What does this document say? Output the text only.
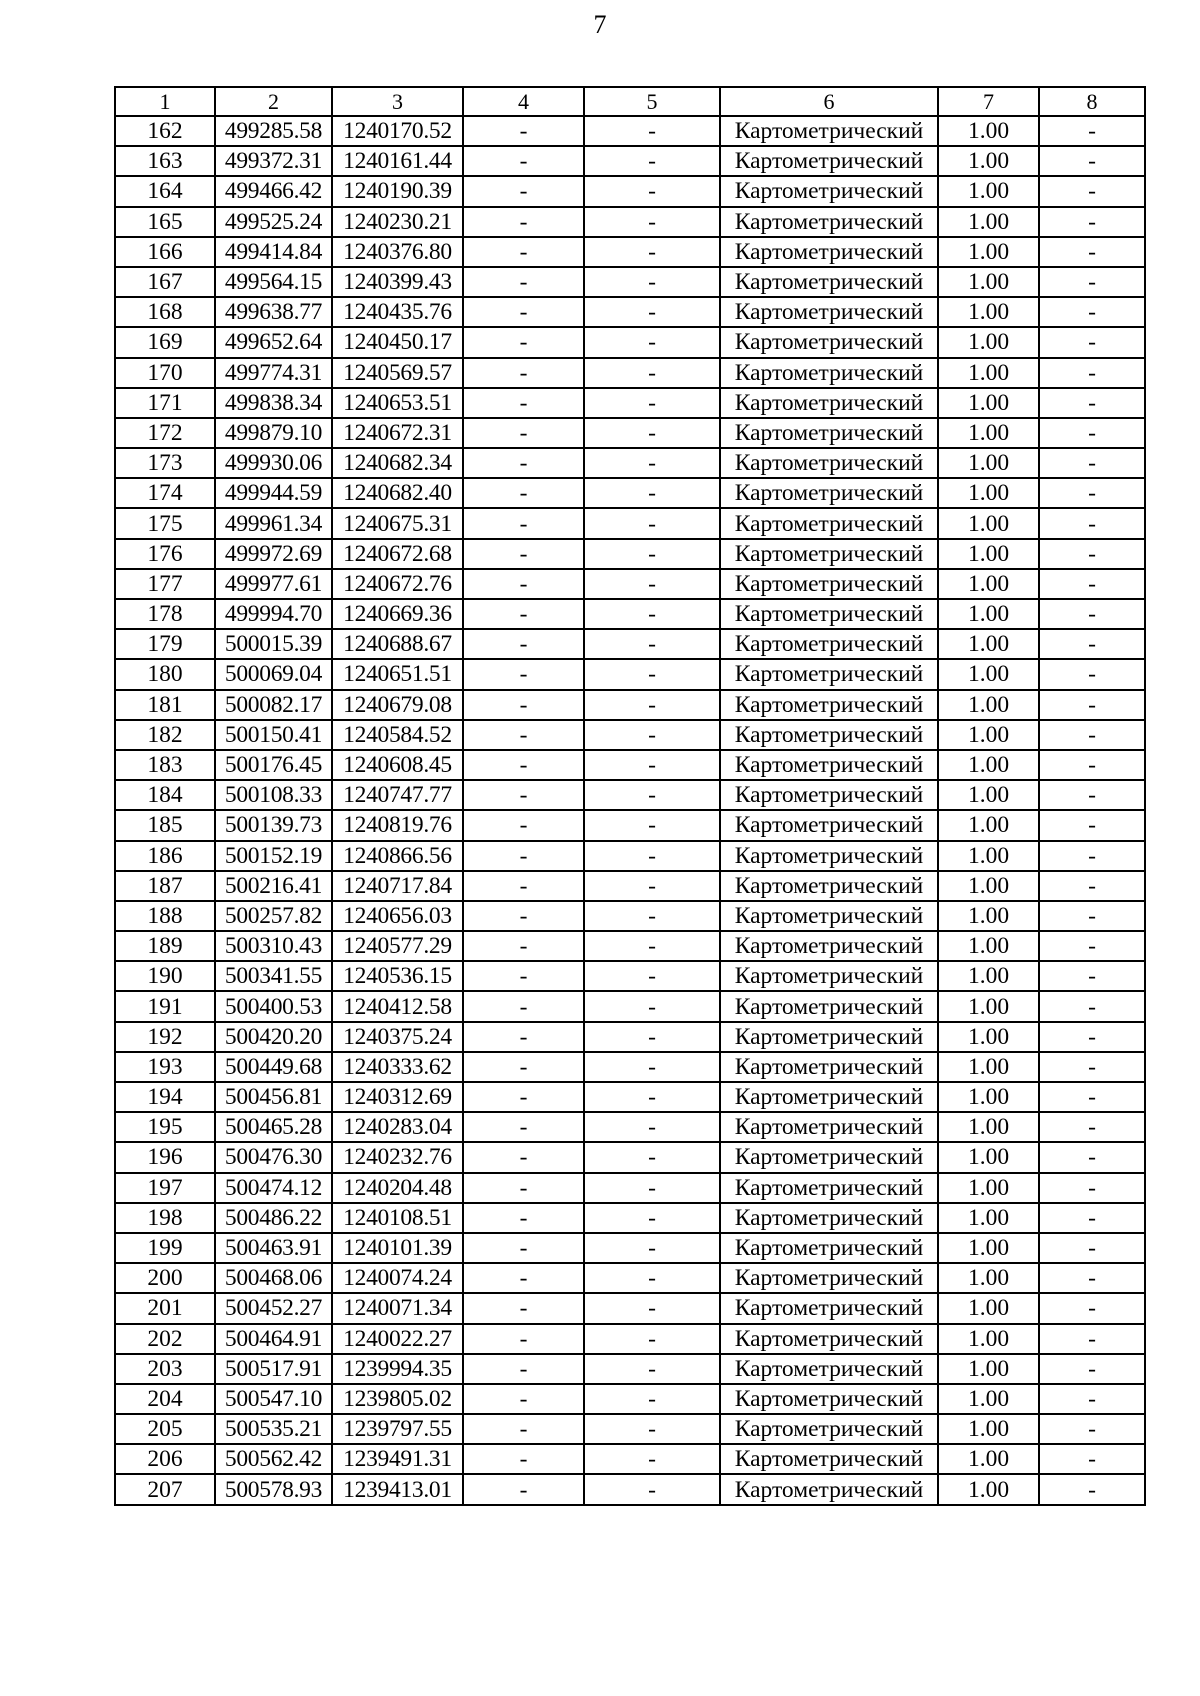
7
1	2	3	4	5	6	7	8
162	499285.58	1240170.52	-	-	Картометрический	1.00	-
163	499372.31	1240161.44	-	-	Картометрический	1.00	-
164	499466.42	1240190.39	-	-	Картометрический	1.00	-
165	499525.24	1240230.21	-	-	Картометрический	1.00	-
166	499414.84	1240376.80	-	-	Картометрический	1.00	-
167	499564.15	1240399.43	-	-	Картометрический	1.00	-
168	499638.77	1240435.76	-	-	Картометрический	1.00	-
169	499652.64	1240450.17	-	-	Картометрический	1.00	-
170	499774.31	1240569.57	-	-	Картометрический	1.00	-
171	499838.34	1240653.51	-	-	Картометрический	1.00	-
172	499879.10	1240672.31	-	-	Картометрический	1.00	-
173	499930.06	1240682.34	-	-	Картометрический	1.00	-
174	499944.59	1240682.40	-	-	Картометрический	1.00	-
175	499961.34	1240675.31	-	-	Картометрический	1.00	-
176	499972.69	1240672.68	-	-	Картометрический	1.00	-
177	499977.61	1240672.76	-	-	Картометрический	1.00	-
178	499994.70	1240669.36	-	-	Картометрический	1.00	-
179	500015.39	1240688.67	-	-	Картометрический	1.00	-
180	500069.04	1240651.51	-	-	Картометрический	1.00	-
181	500082.17	1240679.08	-	-	Картометрический	1.00	-
182	500150.41	1240584.52	-	-	Картометрический	1.00	-
183	500176.45	1240608.45	-	-	Картометрический	1.00	-
184	500108.33	1240747.77	-	-	Картометрический	1.00	-
185	500139.73	1240819.76	-	-	Картометрический	1.00	-
186	500152.19	1240866.56	-	-	Картометрический	1.00	-
187	500216.41	1240717.84	-	-	Картометрический	1.00	-
188	500257.82	1240656.03	-	-	Картометрический	1.00	-
189	500310.43	1240577.29	-	-	Картометрический	1.00	-
190	500341.55	1240536.15	-	-	Картометрический	1.00	-
191	500400.53	1240412.58	-	-	Картометрический	1.00	-
192	500420.20	1240375.24	-	-	Картометрический	1.00	-
193	500449.68	1240333.62	-	-	Картометрический	1.00	-
194	500456.81	1240312.69	-	-	Картометрический	1.00	-
195	500465.28	1240283.04	-	-	Картометрический	1.00	-
196	500476.30	1240232.76	-	-	Картометрический	1.00	-
197	500474.12	1240204.48	-	-	Картометрический	1.00	-
198	500486.22	1240108.51	-	-	Картометрический	1.00	-
199	500463.91	1240101.39	-	-	Картометрический	1.00	-
200	500468.06	1240074.24	-	-	Картометрический	1.00	-
201	500452.27	1240071.34	-	-	Картометрический	1.00	-
202	500464.91	1240022.27	-	-	Картометрический	1.00	-
203	500517.91	1239994.35	-	-	Картометрический	1.00	-
204	500547.10	1239805.02	-	-	Картометрический	1.00	-
205	500535.21	1239797.55	-	-	Картометрический	1.00	-
206	500562.42	1239491.31	-	-	Картометрический	1.00	-
207	500578.93	1239413.01	-	-	Картометрический	1.00	-
